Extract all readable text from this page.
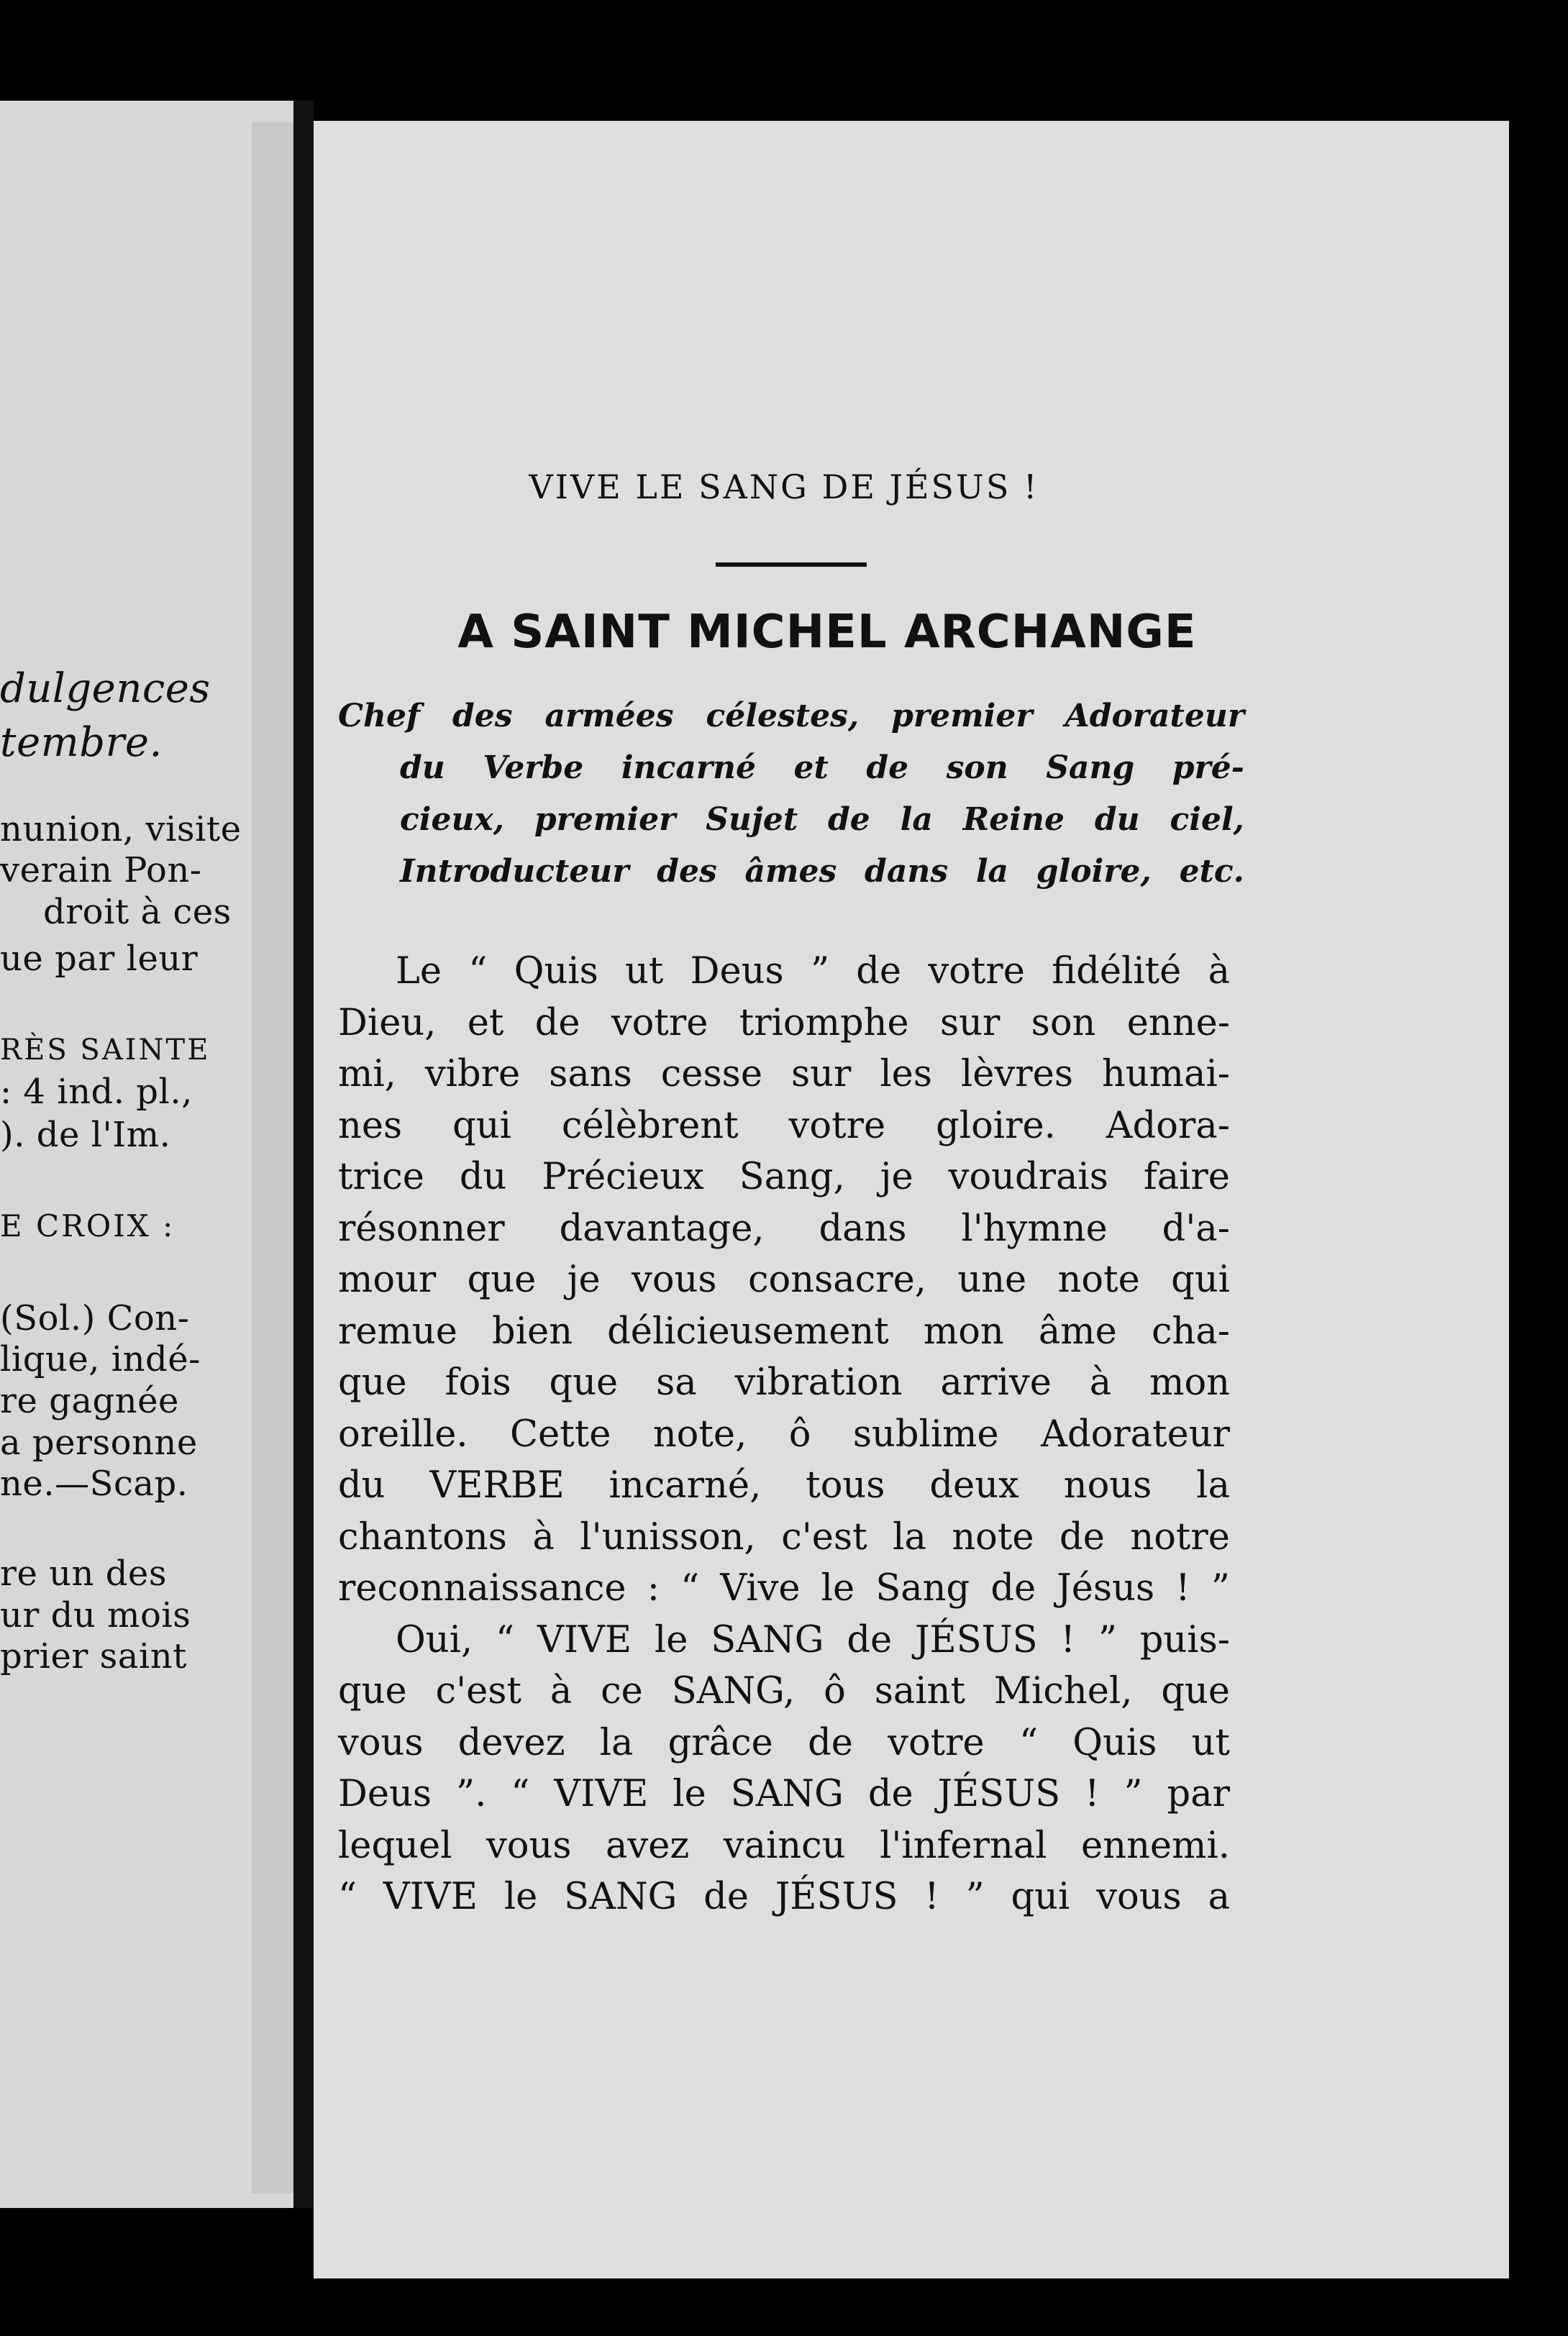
dulgences
tembre.
nunion, visite
verain Pon-
droit à ces
ue par leur
RÈS SAINTE
: 4 ind. pl.,
). de l'Im.
E CROIX :
(Sol.) Con-
lique, indé-
re gagnée
a personne
ne.—Scap.
re un des
ur du mois
prier saint
VIVE LE SANG DE JÉSUS !
A SAINT MICHEL ARCHANGE
Chef des armées célestes, premier Adorateur
du Verbe incarné et de son Sang pré-
cieux, premier Sujet de la Reine du ciel,
Introducteur des âmes dans la gloire, etc.
Le “ Quis ut Deus ” de votre fidélité à
Dieu, et de votre triomphe sur son enne-
mi, vibre sans cesse sur les lèvres humai-
nes qui célèbrent votre gloire. Adora-
trice du Précieux Sang, je voudrais faire
résonner davantage, dans l'hymne d'a-
mour que je vous consacre, une note qui
remue bien délicieusement mon âme cha-
que fois que sa vibration arrive à mon
oreille. Cette note, ô sublime Adorateur
du VERBE incarné, tous deux nous la
chantons à l'unisson, c'est la note de notre
reconnaissance : “ Vive le Sang de Jésus ! ”
Oui, “ VIVE le SANG de JÉSUS ! ” puis-
que c'est à ce SANG, ô saint Michel, que
vous devez la grâce de votre “ Quis ut
Deus ”. “ VIVE le SANG de JÉSUS ! ” par
lequel vous avez vaincu l'infernal ennemi.
“ VIVE le SANG de JÉSUS ! ” qui vous a
